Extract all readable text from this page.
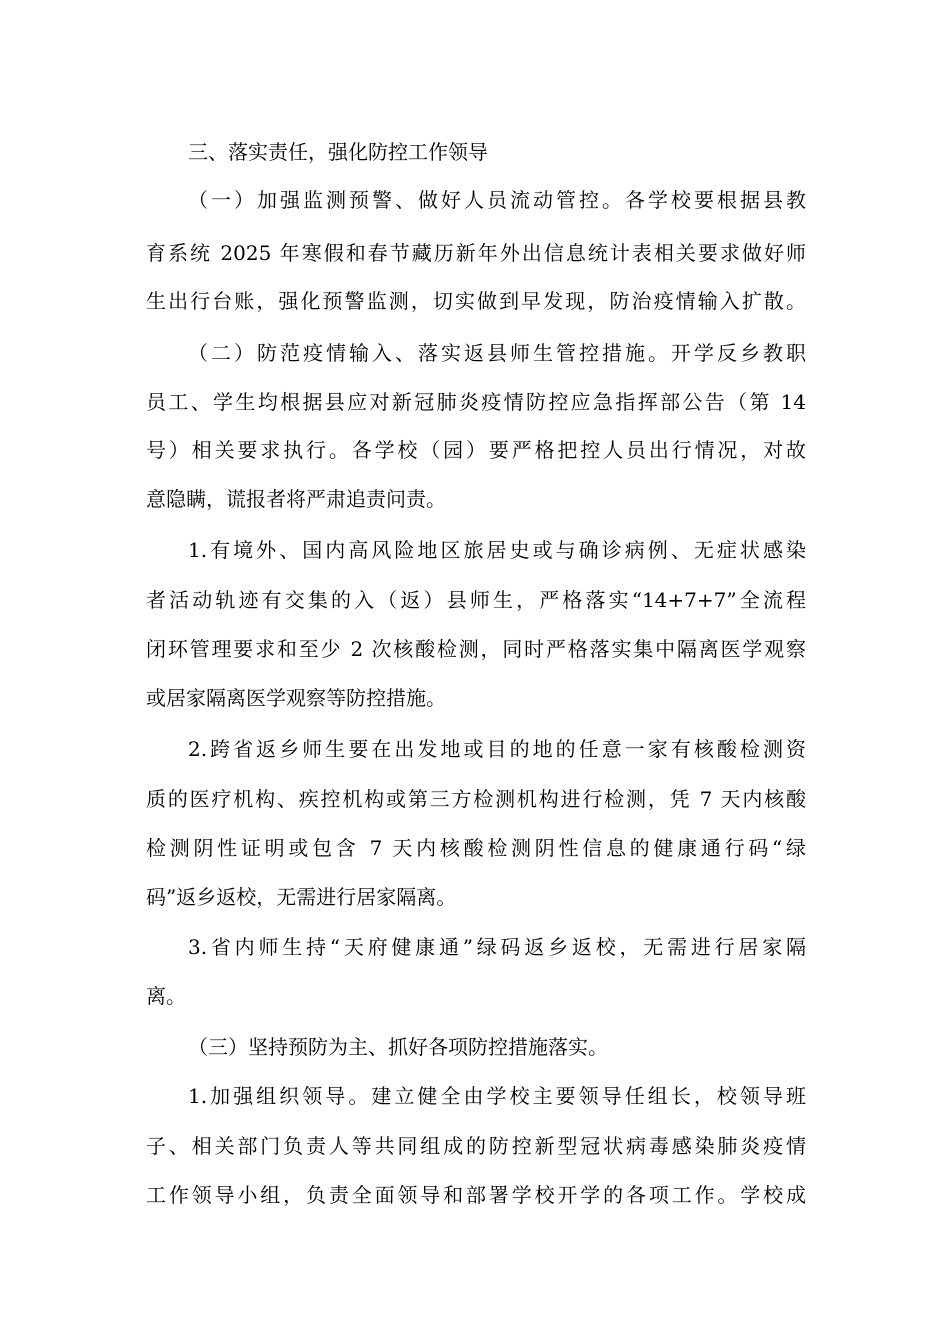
三、落实责任，强化防控工作领导
（一）加强监测预警、做好人员流动管控。各学校要根据县教
育系统 2025 年寒假和春节藏历新年外出信息统计表相关要求做好师
生出行台账，强化预警监测，切实做到早发现，防治疫情输入扩散。
（二）防范疫情输入、落实返县师生管控措施。开学反乡教职
员工、学生均根据县应对新冠肺炎疫情防控应急指挥部公告（第 14
号）相关要求执行。各学校（园）要严格把控人员出行情况，对故
意隐瞒，谎报者将严肃追责问责。
1.有境外、国内高风险地区旅居史或与确诊病例、无症状感染
者活动轨迹有交集的入（返）县师生，严格落实“14+7+7”全流程
闭环管理要求和至少 2 次核酸检测，同时严格落实集中隔离医学观察
或居家隔离医学观察等防控措施。
2.跨省返乡师生要在出发地或目的地的任意一家有核酸检测资
质的医疗机构、疾控机构或第三方检测机构进行检测，凭 7 天内核酸
检测阴性证明或包含 7 天内核酸检测阴性信息的健康通行码“绿
码”返乡返校，无需进行居家隔离。
3.省内师生持“天府健康通”绿码返乡返校，无需进行居家隔
离。
（三）坚持预防为主、抓好各项防控措施落实。
1.加强组织领导。建立健全由学校主要领导任组长，校领导班
子、相关部门负责人等共同组成的防控新型冠状病毒感染肺炎疫情
工作领导小组，负责全面领导和部署学校开学的各项工作。学校成
